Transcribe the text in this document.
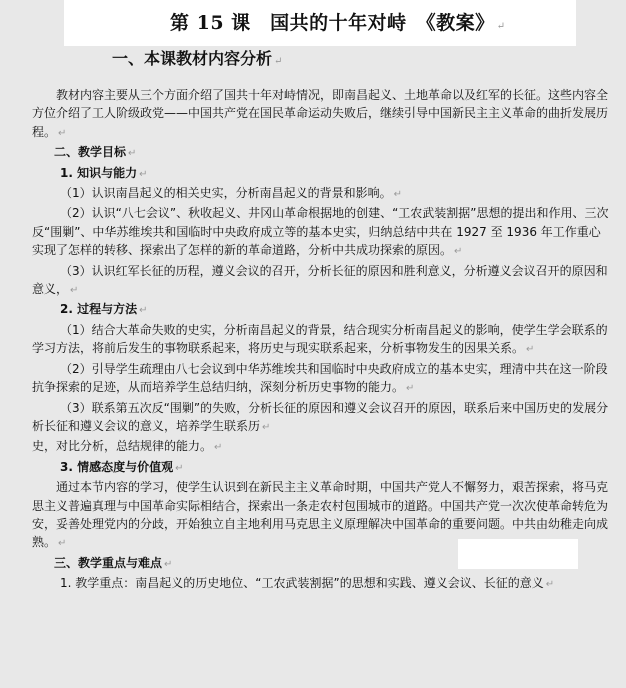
第 15 课　国共的十年对峙　《教案》 ↵
一、本课教材内容分析 ↵

教材内容主要从三个方面介绍了国共十年对峙情况，即南昌起义、土地革命以及红军的长征。这些内容全方位介绍了工人阶级政党——中国共产党在国民革命运动失败后，继续引导中国新民主主义革命的曲折发展历程。 ↵

二、教学目标 ↵

1. 知识与能力 ↵

（1）认识南昌起义的相关史实，分析南昌起义的背景和影响。 ↵

（2）认识“八七会议”、秋收起义、井冈山革命根据地的创建、“工农武装割据”思想的提出和作用、三次反“围剿”、中华苏维埃共和国临时中央政府成立等的基本史实，归纳总结中共在 1927 至 1936 年工作重心实现了怎样的转移、探索出了怎样的新的革命道路，分析中共成功探索的原因。 ↵

（3）认识红军长征的历程，遵义会议的召开，分析长征的原因和胜利意义，分析遵义会议召开的原因和意义， ↵

2. 过程与方法 ↵

（1）结合大革命失败的史实，分析南昌起义的背景，结合现实分析南昌起义的影响，使学生学会联系的学习方法，将前后发生的事物联系起来，将历史与现实联系起来，分析事物发生的因果关系。 ↵

（2）引导学生疏理由八七会议到中华苏维埃共和国临时中央政府成立的基本史实，理清中共在这一阶段抗争探索的足迹，从而培养学生总结归纳，深刻分析历史事物的能力。 ↵

（3）联系第五次反“围剿”的失败，分析长征的原因和遵义会议召开的原因，联系后来中国历史的发展分析长征和遵义会议的意义，培养学生联系历 ↵

史，对比分析，总结规律的能力。 ↵

3. 情感态度与价值观 ↵

通过本节内容的学习，使学生认识到在新民主主义革命时期，中国共产党人不懈努力，艰苦探索，将马克思主义普遍真理与中国革命实际相结合，探索出一条走农村包围城市的道路。中国共产党一次次使革命转危为安，妥善处理党内的分歧，开始独立自主地利用马克思主义原理解决中国革命的重要问题。中共由幼稚走向成熟。 ↵

三、教学重点与难点 ↵

1. 教学重点：南昌起义的历史地位、“工农武装割据”的思想和实践、遵义会议、长征的意义 ↵
